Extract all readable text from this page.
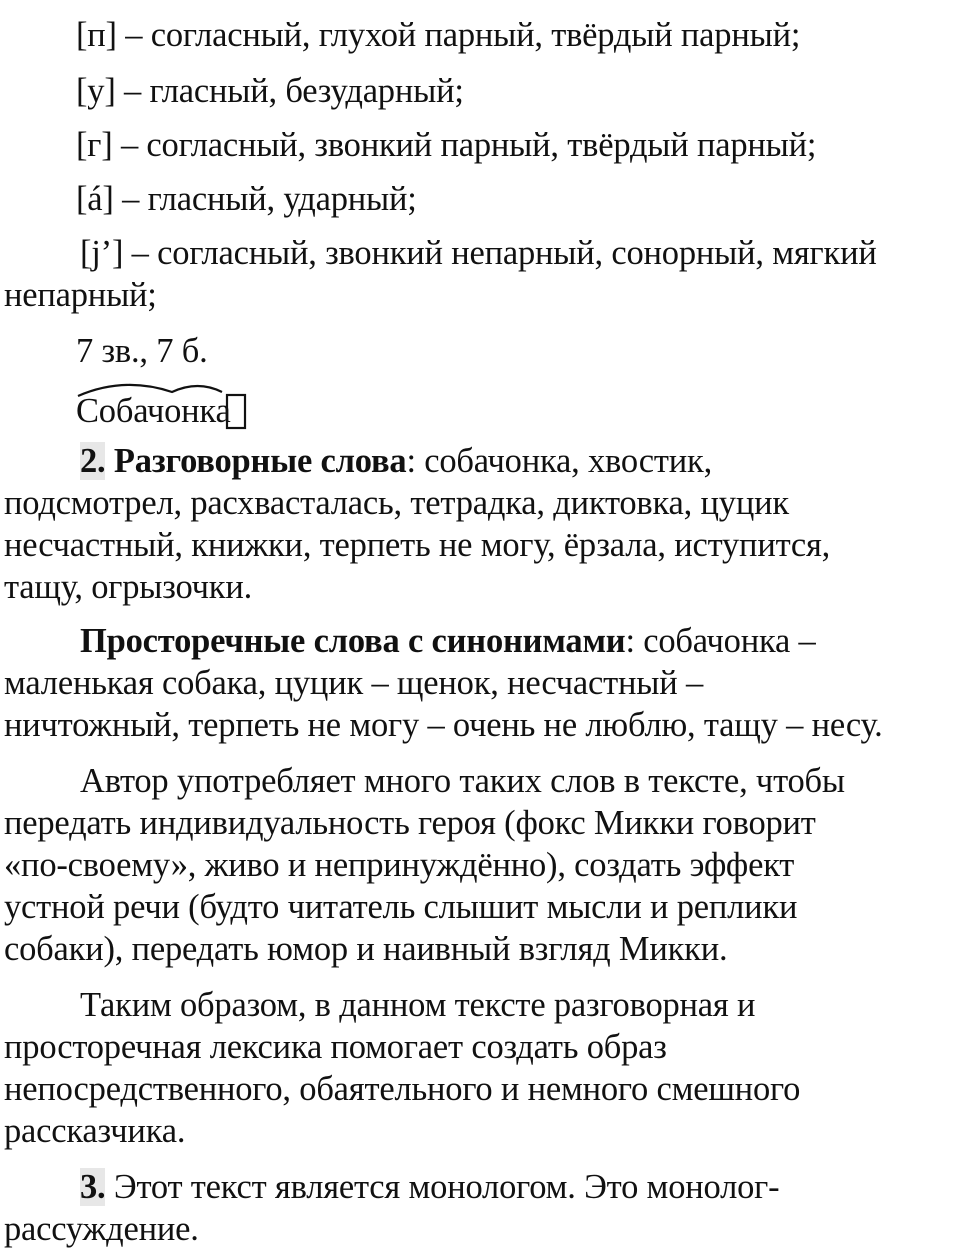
[п] – согласный, глухой парный, твёрдый парный;

[у] – гласный, безударный;

[г] – согласный, звонкий парный, твёрдый парный;

[á] – гласный, ударный;

[j’] – согласный, звонкий непарный, сонорный, мягкий
непарный;

7 зв., 7 б.

Собачонка

2. Разговорные слова: собачонка, хвостик,
подсмотрел, расхвасталась, тетрадка, диктовка, цуцик
несчастный, книжки, терпеть не могу, ёрзала, иступится,
тащу, огрызочки.

Просторечные слова с синонимами: собачонка –
маленькая собака, цуцик – щенок, несчастный –
ничтожный, терпеть не могу – очень не люблю, тащу – несу.

Автор употребляет много таких слов в тексте, чтобы
передать индивидуальность героя (фокс Микки говорит
«по-своему», живо и непринуждённо), создать эффект
устной речи (будто читатель слышит мысли и реплики
собаки), передать юмор и наивный взгляд Микки.

Таким образом, в данном тексте разговорная и
просторечная лексика помогает создать образ
непосредственного, обаятельного и немного смешного
рассказчика.

3. Этот текст является монологом. Это монолог-
рассуждение.
